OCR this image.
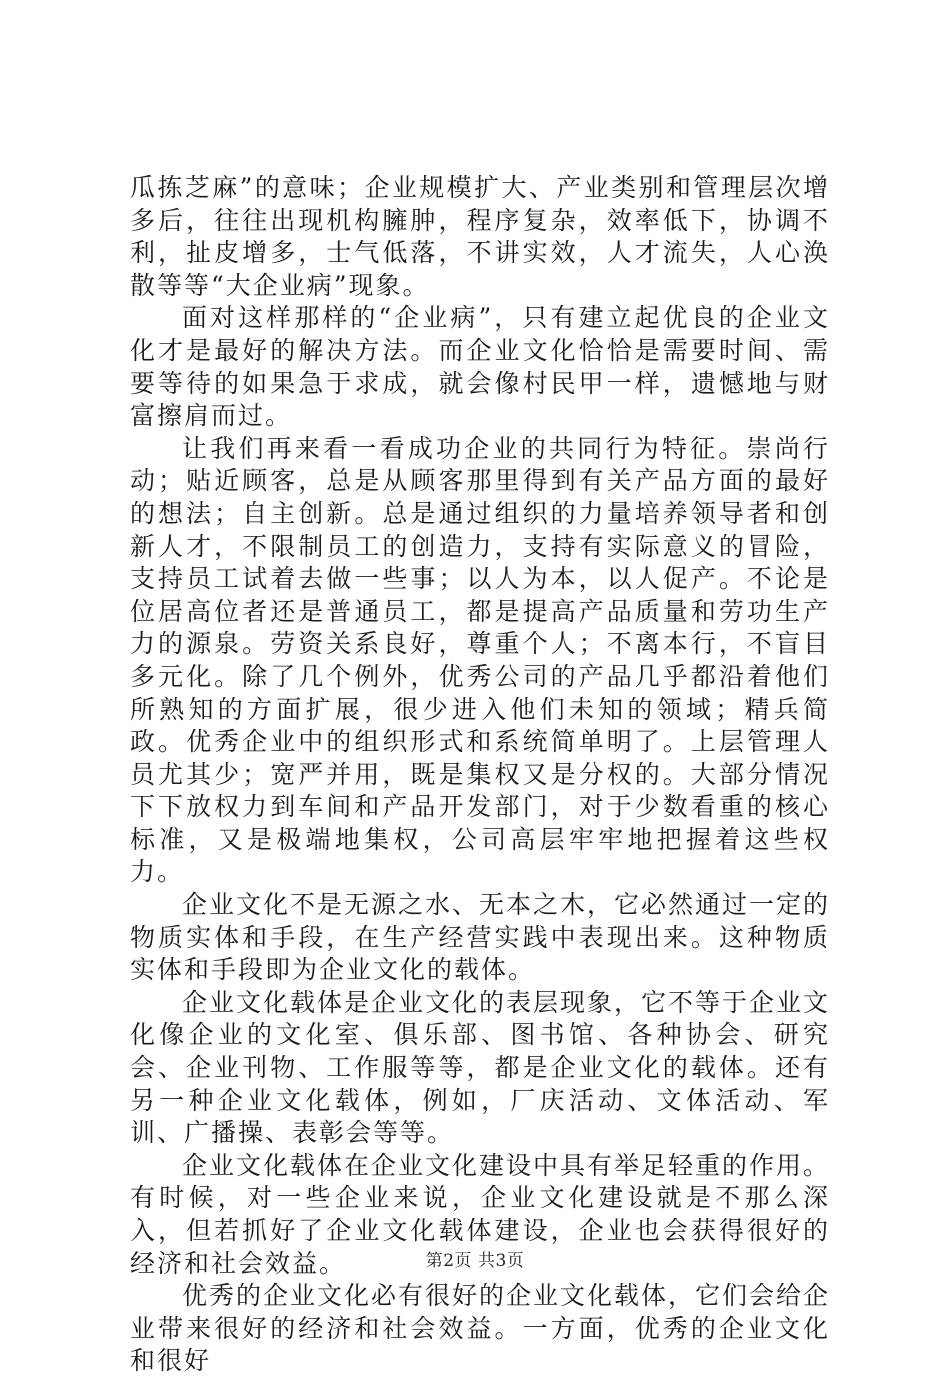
瓜拣芝麻”的意味；企业规模扩大、产业类别和管理层次增多后，往往出现机构臃肿，程序复杂，效率低下，协调不利，扯皮增多，士气低落，不讲实效，人才流失，人心涣散等等“大企业病”现象。

面对这样那样的“企业病”，只有建立起优良的企业文化才是最好的解决方法。而企业文化恰恰是需要时间、需要等待的如果急于求成，就会像村民甲一样，遗憾地与财富擦肩而过。

让我们再来看一看成功企业的共同行为特征。崇尚行动；贴近顾客，总是从顾客那里得到有关产品方面的最好的想法；自主创新。总是通过组织的力量培养领导者和创新人才，不限制员工的创造力，支持有实际意义的冒险，支持员工试着去做一些事；以人为本，以人促产。不论是位居高位者还是普通员工，都是提高产品质量和劳功生产力的源泉。劳资关系良好，尊重个人；不离本行，不盲目多元化。除了几个例外，优秀公司的产品几乎都沿着他们所熟知的方面扩展，很少进入他们未知的领域；精兵简政。优秀企业中的组织形式和系统简单明了。上层管理人员尤其少；宽严并用，既是集权又是分权的。大部分情况下下放权力到车间和产品开发部门，对于少数看重的核心标准，又是极端地集权，公司高层牢牢地把握着这些权力。

企业文化不是无源之水、无本之木，它必然通过一定的物质实体和手段，在生产经营实践中表现出来。这种物质实体和手段即为企业文化的载体。

企业文化载体是企业文化的表层现象，它不等于企业文化像企业的文化室、俱乐部、图书馆、各种协会、研究会、企业刊物、工作服等等，都是企业文化的载体。还有另一种企业文化载体，例如，厂庆活动、文体活动、军训、广播操、表彰会等等。

企业文化载体在企业文化建设中具有举足轻重的作用。有时候，对一些企业来说，企业文化建设就是不那么深入，但若抓好了企业文化载体建设，企业也会获得很好的经济和社会效益。

优秀的企业文化必有很好的企业文化载体，它们会给企业带来很好的经济和社会效益。一方面，优秀的企业文化和很好

第2页 共3页
